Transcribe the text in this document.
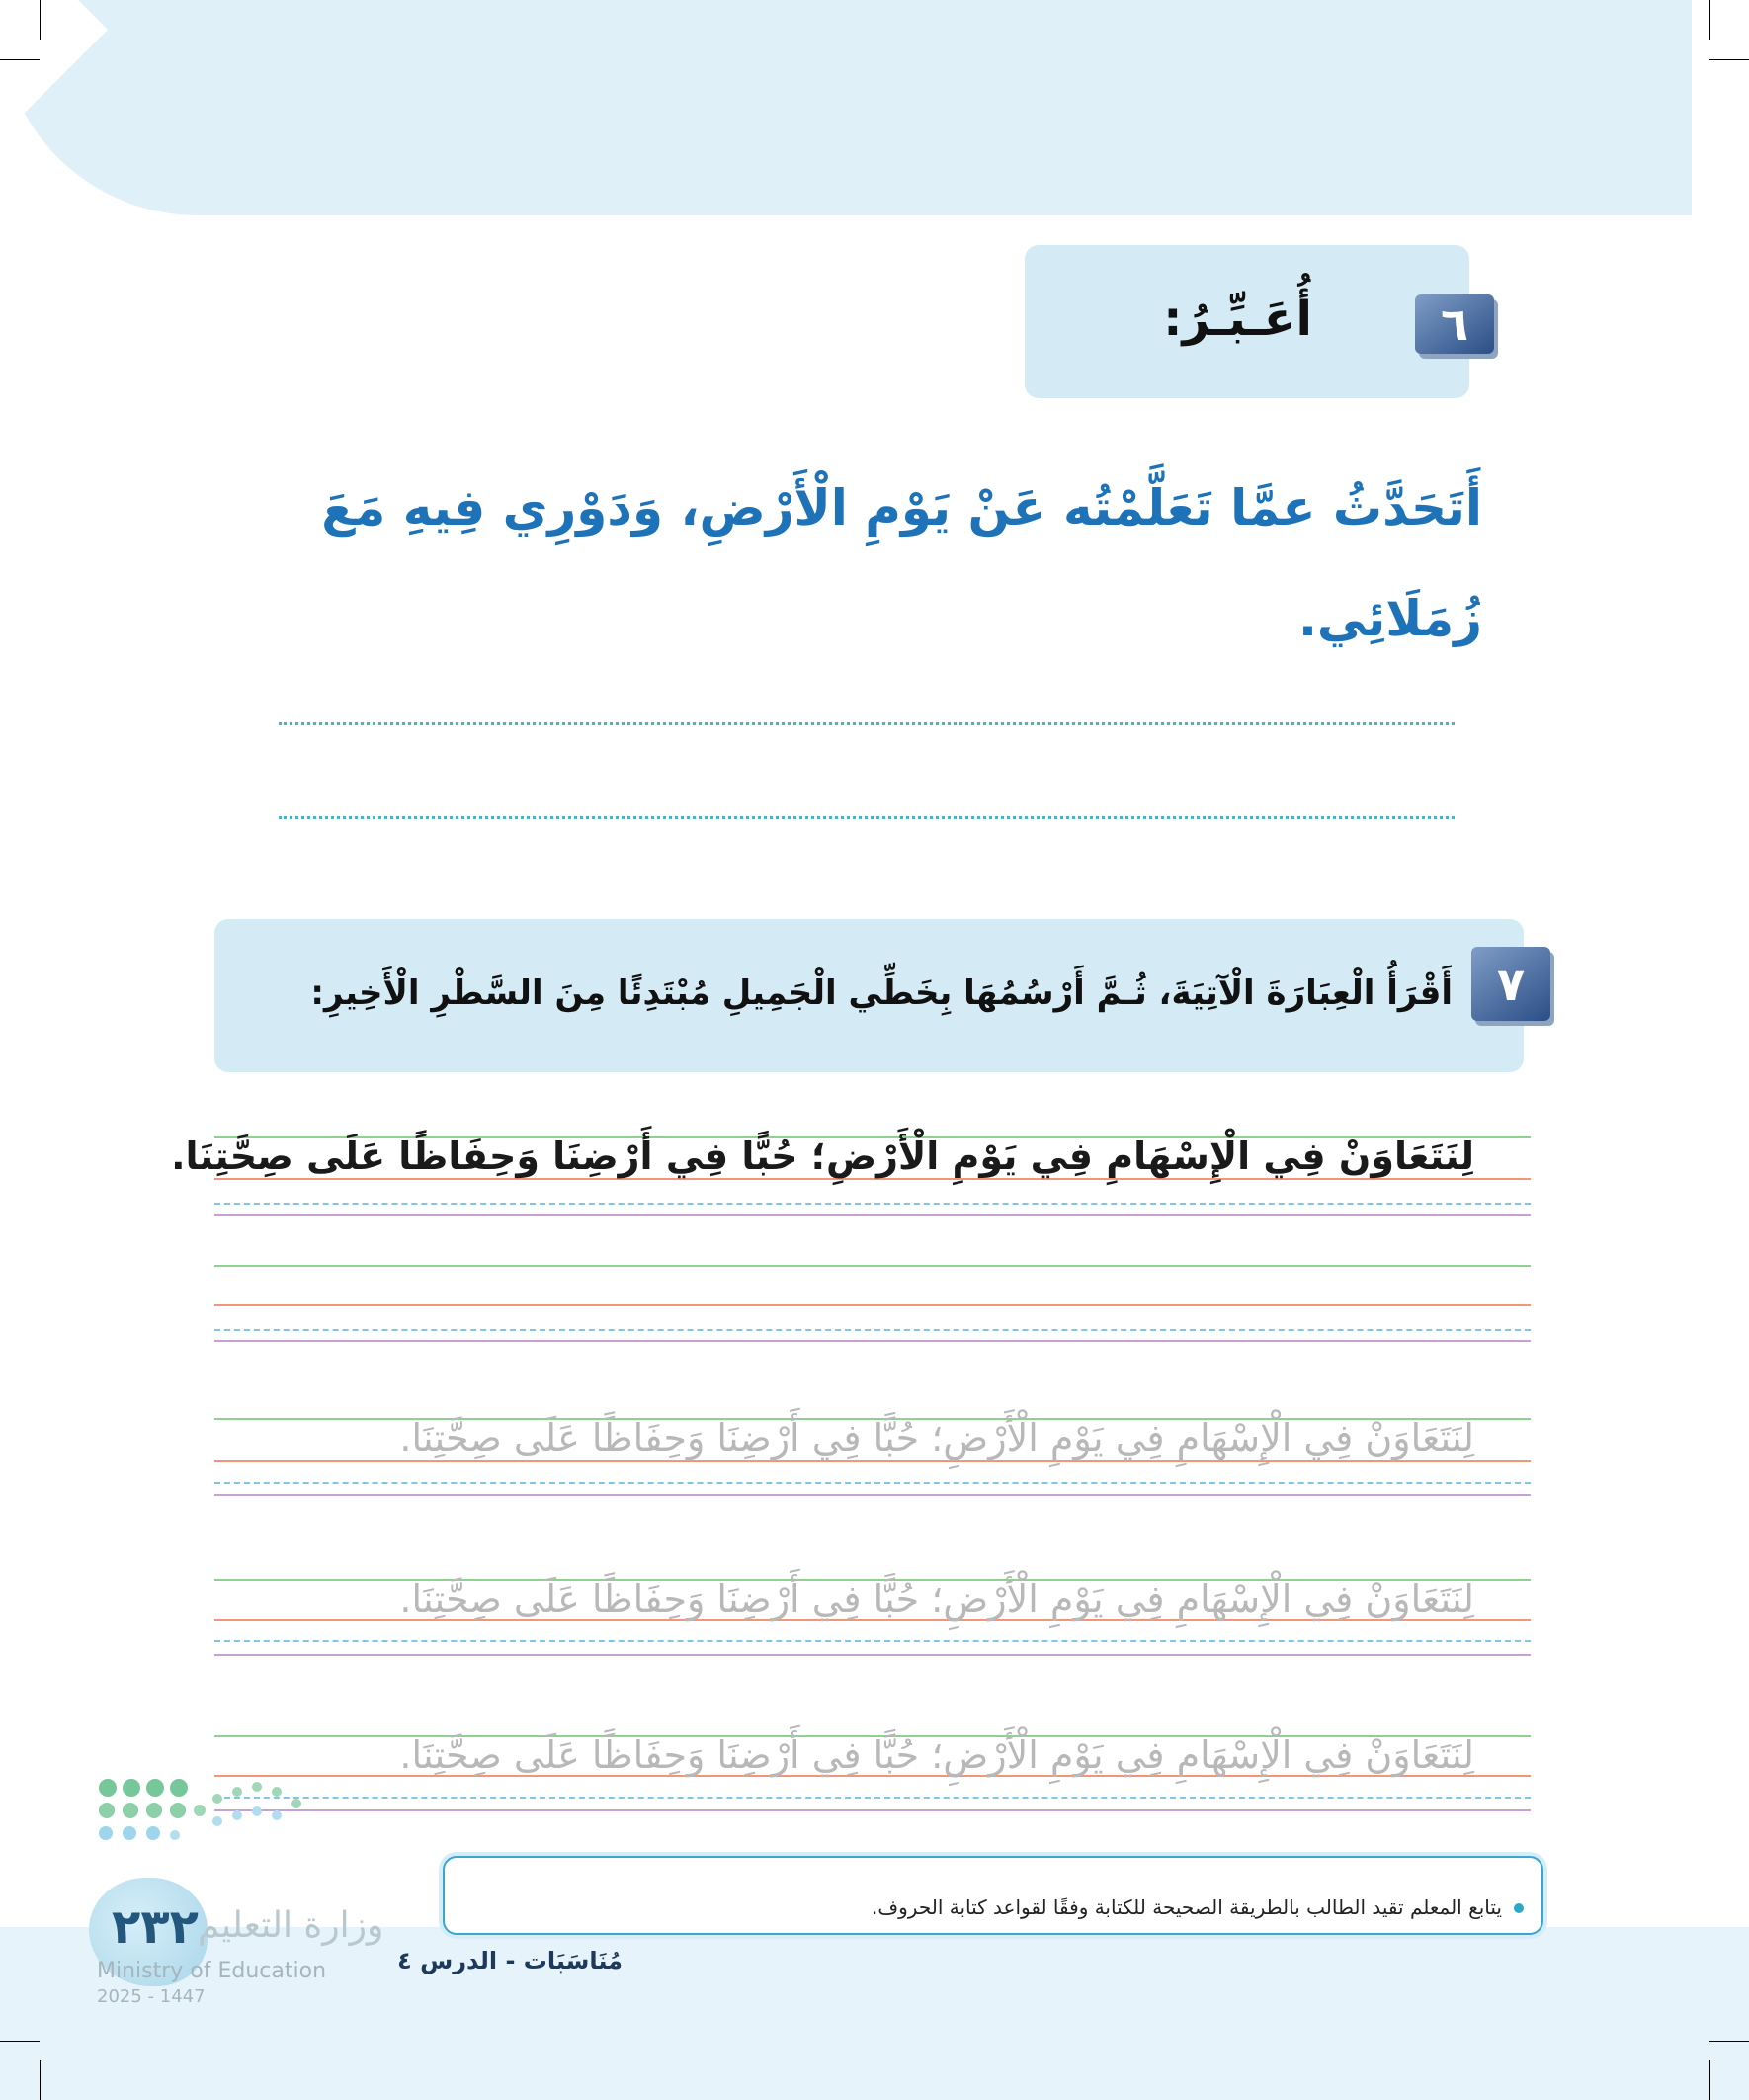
٦
أُعَـبِّـرُ:
أَتَحَدَّثُ عمَّا تَعَلَّمْتُه عَنْ يَوْمِ الْأَرْضِ، وَدَوْرِي فِيهِ مَعَ
زُمَلَائِي.
٧
أَقْرَأُ الْعِبَارَةَ الْآتِيَةَ، ثُـمَّ أَرْسُمُهَا بِخَطِّي الْجَمِيلِ مُبْتَدِئًا مِنَ السَّطْرِ الْأَخِيرِ:
لِنَتَعَاوَنْ فِي الْإِسْهَامِ فِي يَوْمِ الْأَرْضِ؛ حُبًّا فِي أَرْضِنَا وَحِفَاظًا عَلَى صِحَّتِنَا.
لِنَتَعَاوَنْ فِي الْإِسْهَامِ فِي يَوْمِ الْأَرْضِ؛ حُبًّا فِي أَرْضِنَا وَحِفَاظًا عَلَى صِحَّتِنَا.
لِنَتَعَاوَنْ فِي الْإِسْهَامِ فِي يَوْمِ الْأَرْضِ؛ حُبًّا فِي أَرْضِنَا وَحِفَاظًا عَلَى صِحَّتِنَا.
لِنَتَعَاوَنْ فِي الْإِسْهَامِ فِي يَوْمِ الْأَرْضِ؛ حُبًّا فِي أَرْضِنَا وَحِفَاظًا عَلَى صِحَّتِنَا.
يتابع المعلم تقيد الطالب بالطريقة الصحيحة للكتابة وفقًا لقواعد كتابة الحروف.
٢٣٢ وزارة التعليم
Ministry of Education
2025 - 1447
مُنَاسَبَات - الدرس ٤
